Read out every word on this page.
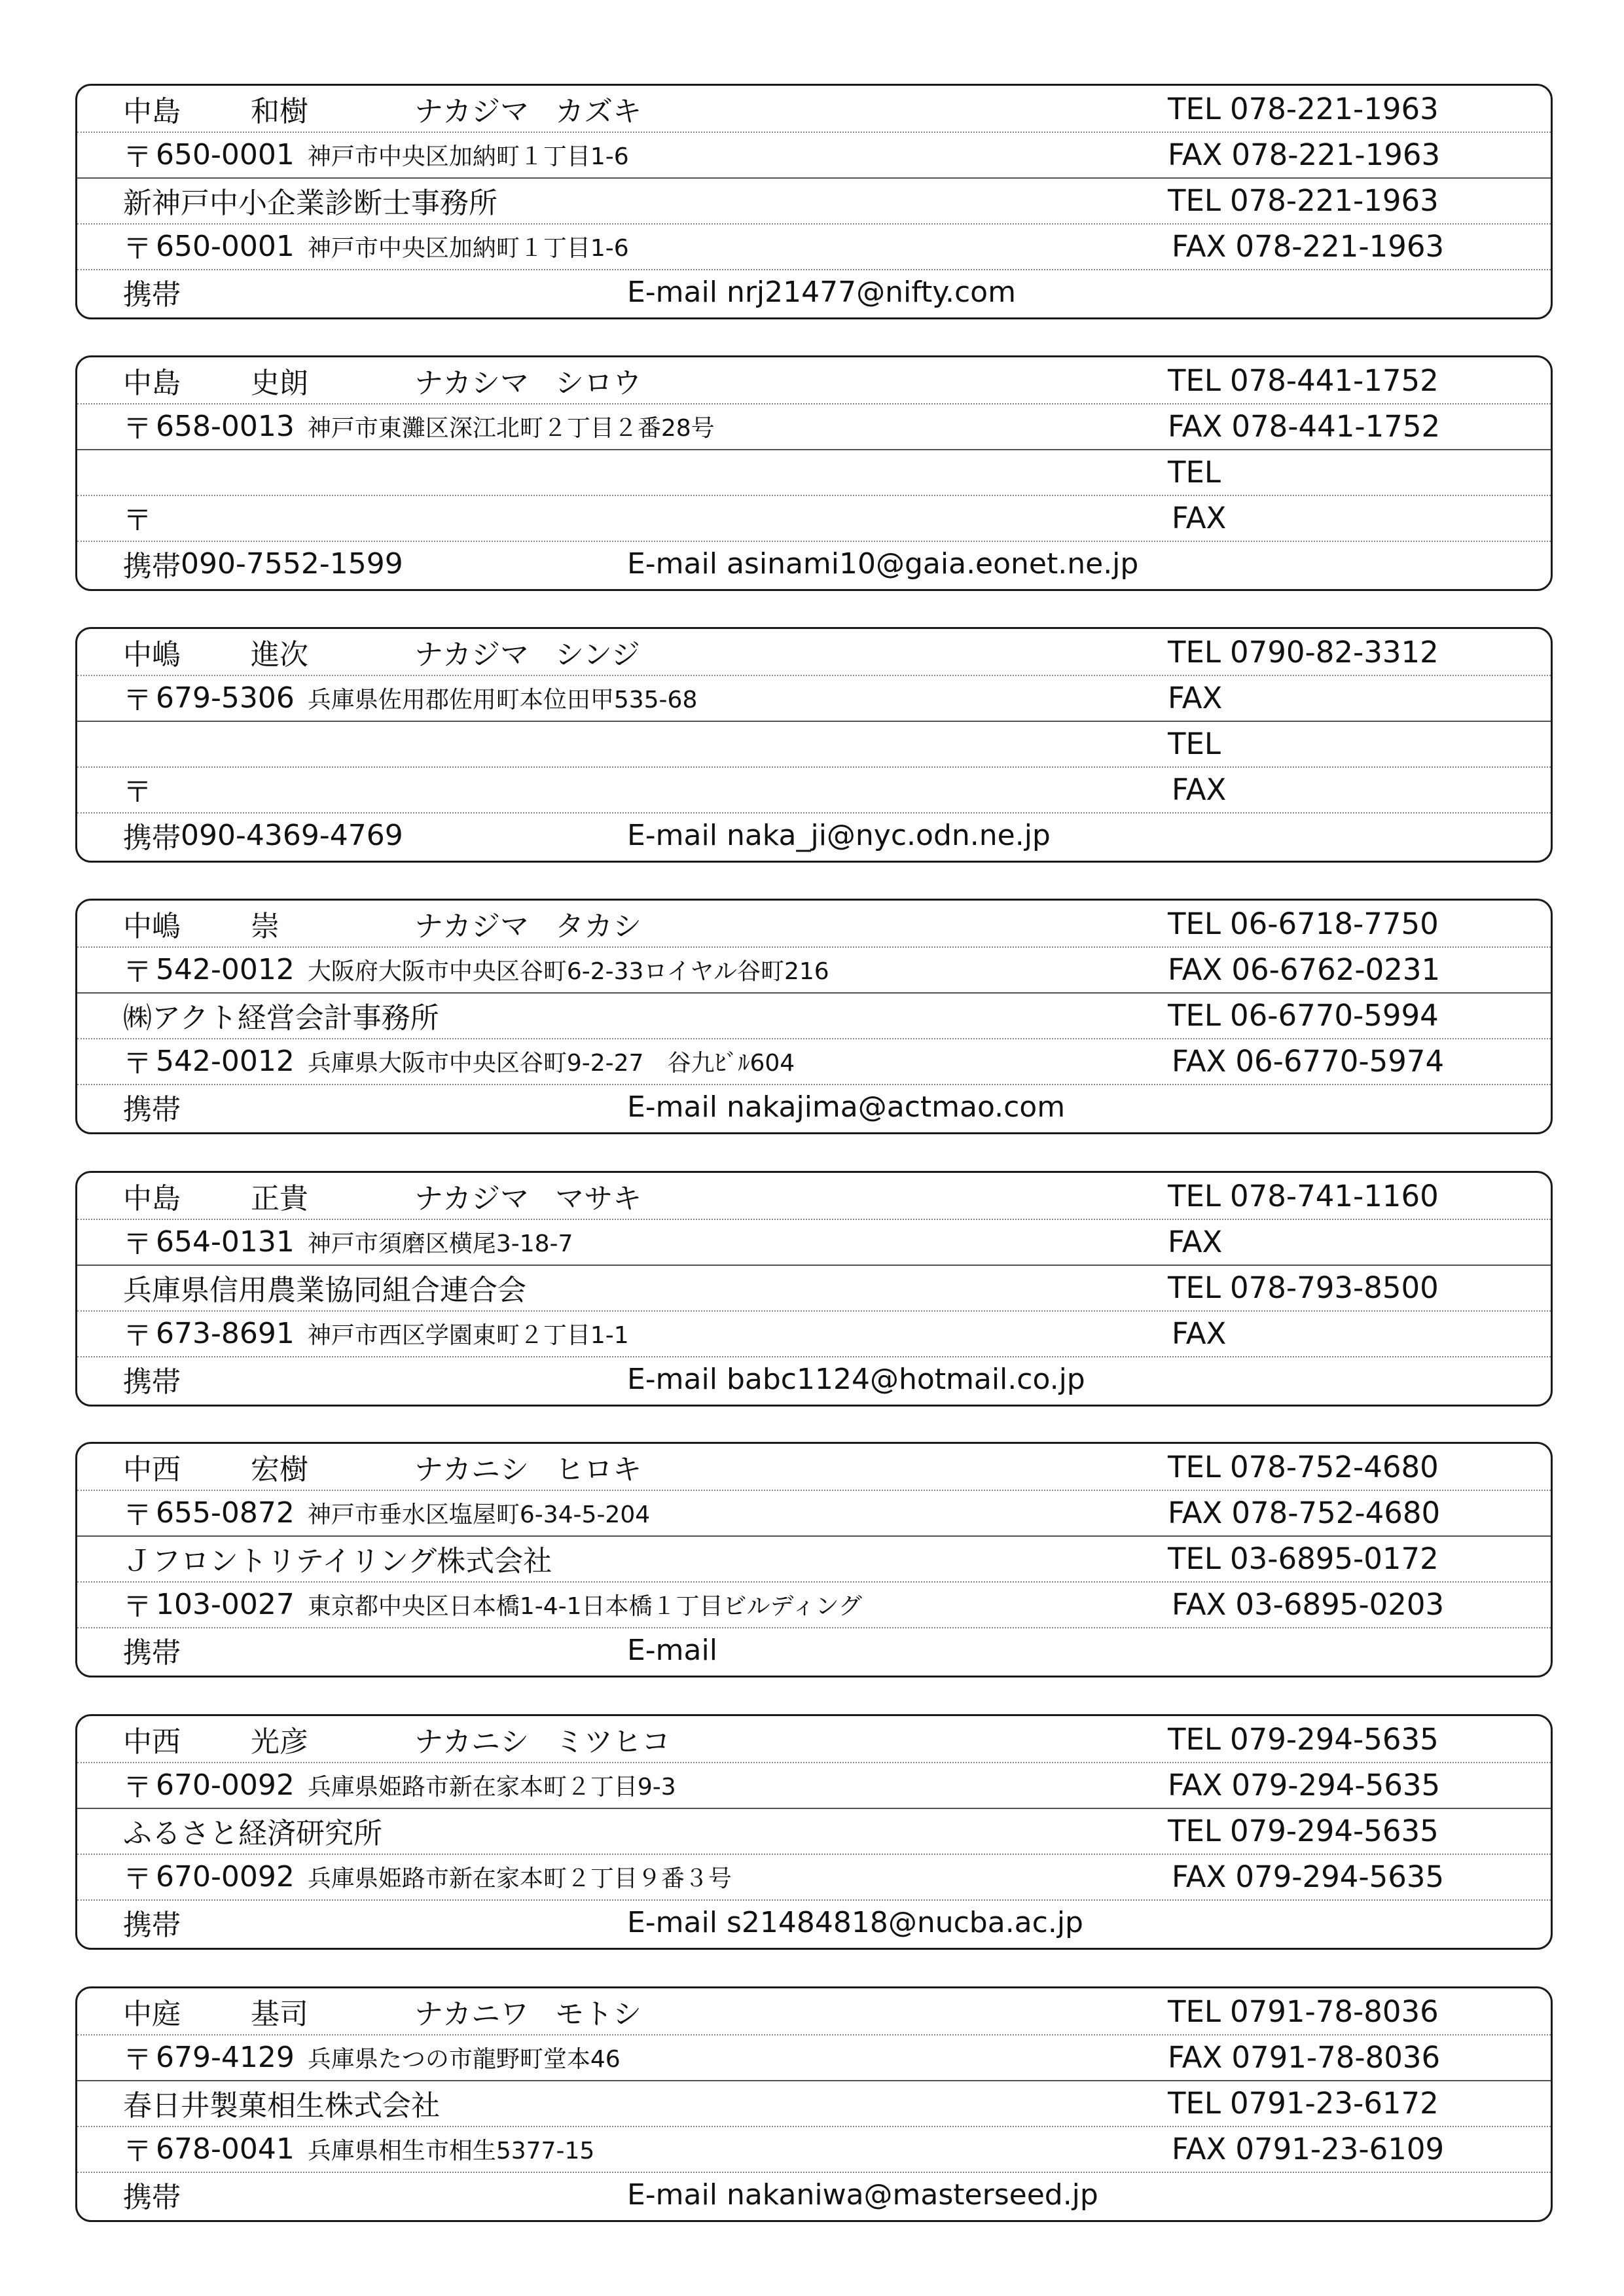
中島 和樹	ナカジマ カズキ	TEL 078-221-1963
〒 650-0001 神戸市中央区加納町１丁目1-6	FAX 078-221-1963
新神戸中小企業診断士事務所	TEL 078-221-1963
〒 650-0001 神戸市中央区加納町１丁目1-6	FAX 078-221-1963
携帯	E-mail nrj21477@nifty.com
中島 史朗	ナカシマ シロウ	TEL 078-441-1752
〒 658-0013 神戸市東灘区深江北町２丁目２番28号	FAX 078-441-1752
TEL
〒	FAX
携帯 090-7552-1599	E-mail asinami10@gaia.eonet.ne.jp
中嶋 進次	ナカジマ シンジ	TEL 0790-82-3312
〒 679-5306 兵庫県佐用郡佐用町本位田甲535-68	FAX
TEL
〒	FAX
携帯 090-4369-4769	E-mail naka_ji@nyc.odn.ne.jp
中嶋 崇	ナカジマ タカシ	TEL 06-6718-7750
〒 542-0012 大阪府大阪市中央区谷町6-2-33ロイヤル谷町216	FAX 06-6762-0231
㈱アクト経営会計事務所	TEL 06-6770-5994
〒 542-0012 兵庫県大阪市中央区谷町9-2-27　谷九ﾋﾞﾙ604	FAX 06-6770-5974
携帯	E-mail nakajima@actmao.com
中島 正貴	ナカジマ マサキ	TEL 078-741-1160
〒 654-0131 神戸市須磨区横尾3-18-7	FAX
兵庫県信用農業協同組合連合会	TEL 078-793-8500
〒 673-8691 神戸市西区学園東町２丁目1-1	FAX
携帯	E-mail babc1124@hotmail.co.jp
中西 宏樹	ナカニシ ヒロキ	TEL 078-752-4680
〒 655-0872 神戸市垂水区塩屋町6-34-5-204	FAX 078-752-4680
Ｊフロントリテイリング株式会社	TEL 03-6895-0172
〒 103-0027 東京都中央区日本橋1-4-1日本橋１丁目ビルディング	FAX 03-6895-0203
携帯	E-mail
中西 光彦	ナカニシ ミツヒコ	TEL 079-294-5635
〒 670-0092 兵庫県姫路市新在家本町２丁目9-3	FAX 079-294-5635
ふるさと経済研究所	TEL 079-294-5635
〒 670-0092 兵庫県姫路市新在家本町２丁目９番３号	FAX 079-294-5635
携帯	E-mail s21484818@nucba.ac.jp
中庭 基司	ナカニワ モトシ	TEL 0791-78-8036
〒 679-4129 兵庫県たつの市龍野町堂本46	FAX 0791-78-8036
春日井製菓相生株式会社	TEL 0791-23-6172
〒 678-0041 兵庫県相生市相生5377-15	FAX 0791-23-6109
携帯	E-mail nakaniwa@masterseed.jp
